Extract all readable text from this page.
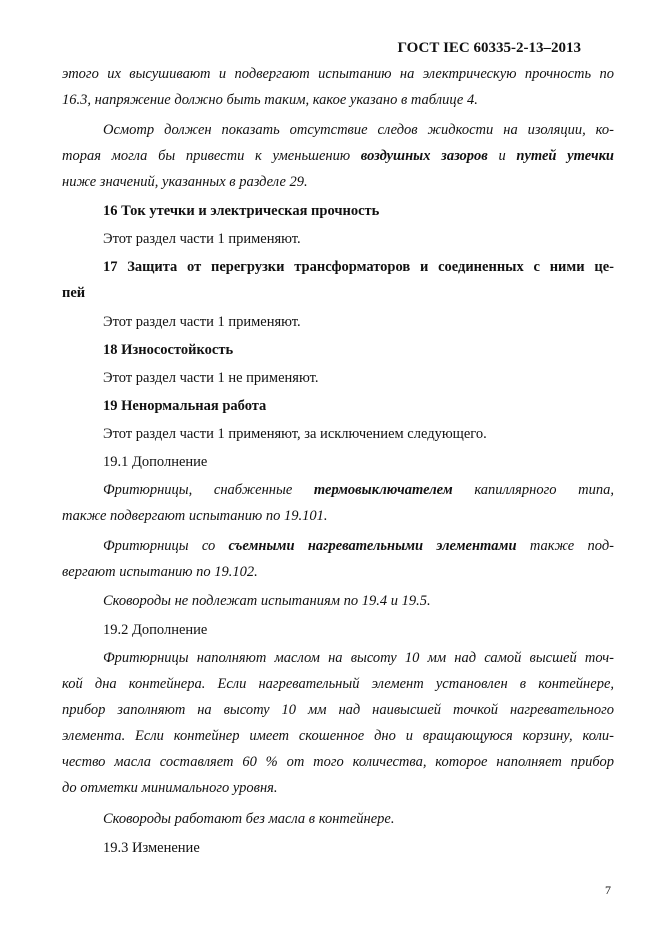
ГОСТ IEC 60335-2-13–2013

этого их высушивают и подвергают испытанию на электрическую прочность по

16.3, напряжение должно быть таким, какое указано в таблице 4.

Осмотр должен показать отсутствие следов жидкости на изоляции, ко-

торая могла бы привести к уменьшению воздушных зазоров и путей утечки

ниже значений, указанных в разделе 29.

16 Ток утечки и электрическая прочность

Этот раздел части 1 применяют.

17 Защита от перегрузки трансформаторов и соединенных с ними це-

пей

Этот раздел части 1 применяют.

18 Износостойкость

Этот раздел части 1 не применяют.

19 Ненормальная работа

Этот раздел части 1 применяют, за исключением следующего.

19.1 Дополнение

Фритюрницы, снабженные термовыключателем капиллярного типа,

также подвергают испытанию по 19.101.

Фритюрницы со съемными нагревательными элементами также под-

вергают испытанию по 19.102.

Сковороды не подлежат испытаниям по 19.4 и 19.5.

19.2 Дополнение

Фритюрницы наполняют маслом на высоту 10 мм над самой высшей точ-

кой дна контейнера. Если нагревательный элемент установлен в контейнере,

прибор заполняют на высоту 10 мм над наивысшей точкой нагревательного

элемента. Если контейнер имеет скошенное дно и вращающуюся корзину, коли-

чество масла составляет 60 % от того количества, которое наполняет прибор

до отметки минимального уровня.

Сковороды работают без масла в контейнере.

19.3 Изменение

7
